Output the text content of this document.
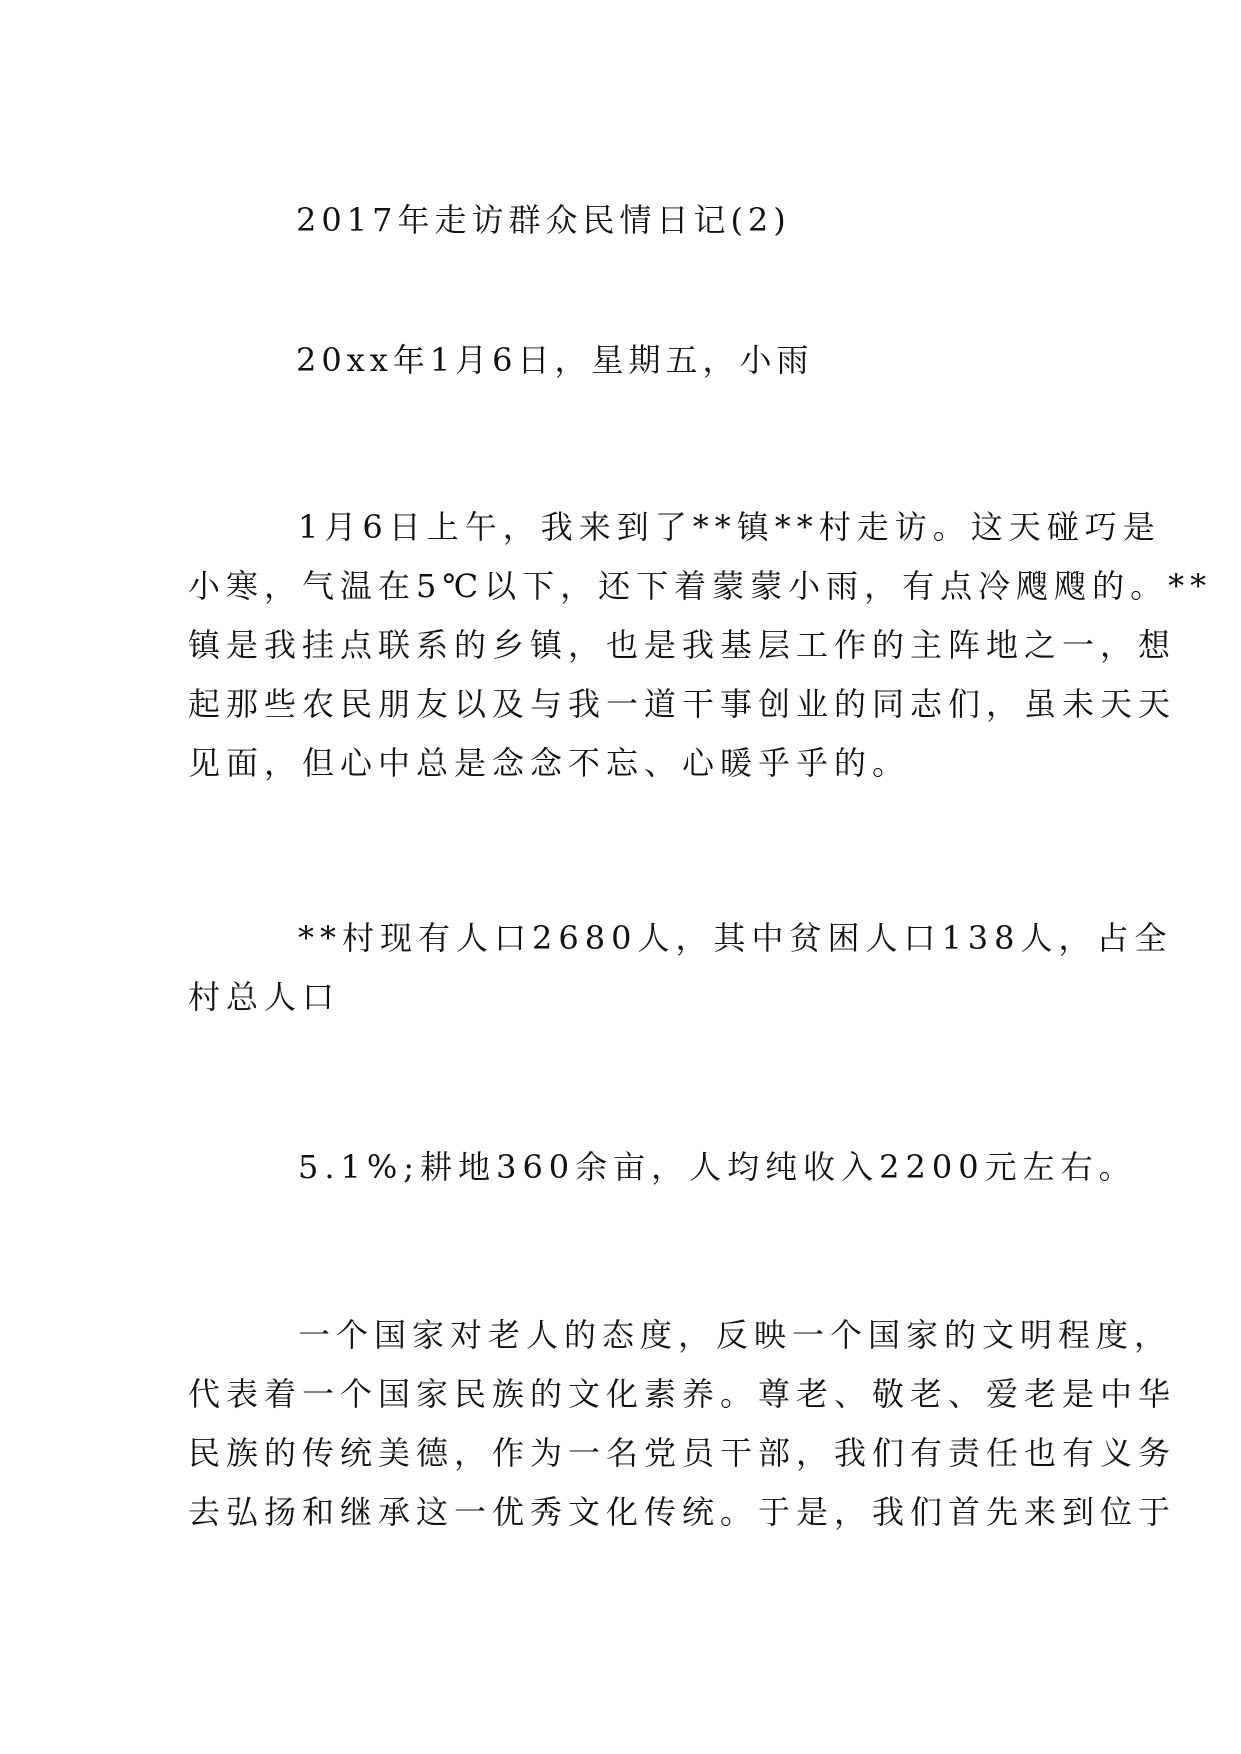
2017年走访群众民情日记(2)

20xx年1月6日，星期五，小雨

1月6日上午，我来到了**镇**村走访。这天碰巧是
小寒，气温在5℃以下，还下着蒙蒙小雨，有点冷飕飕的。**
镇是我挂点联系的乡镇，也是我基层工作的主阵地之一，想
起那些农民朋友以及与我一道干事创业的同志们，虽未天天
见面，但心中总是念念不忘、心暖乎乎的。
**村现有人口2680人，其中贫困人口138人，占全
村总人口
5.1%;耕地360余亩，人均纯收入2200元左右。
一个国家对老人的态度，反映一个国家的文明程度，
代表着一个国家民族的文化素养。尊老、敬老、爱老是中华
民族的传统美德，作为一名党员干部，我们有责任也有义务
去弘扬和继承这一优秀文化传统。于是，我们首先来到位于
